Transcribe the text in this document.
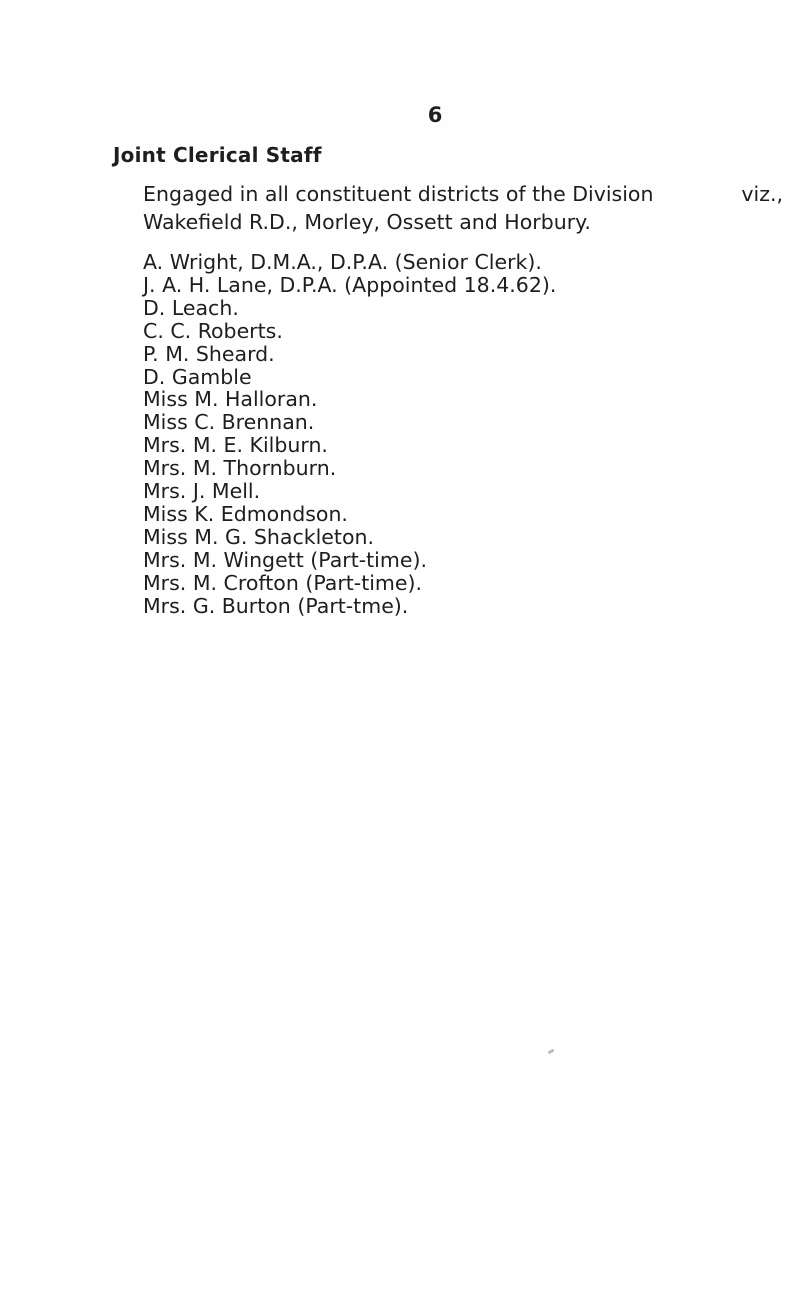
6
Joint Clerical Staff
Engaged in all constituent districts of the Division	viz.,
Wakefield R.D., Morley, Ossett and Horbury.
A. Wright, D.M.A., D.P.A. (Senior Clerk).
J. A. H. Lane, D.P.A. (Appointed 18.4.62).
D. Leach.
C. C. Roberts.
P. M. Sheard.
D. Gamble
Miss M. Halloran.
Miss C. Brennan.
Mrs. M. E. Kilburn.
Mrs. M. Thornburn.
Mrs. J. Mell.
Miss K. Edmondson.
Miss M. G. Shackleton.
Mrs. M. Wingett (Part-time).
Mrs. M. Crofton (Part-time).
Mrs. G. Burton (Part-tme).
